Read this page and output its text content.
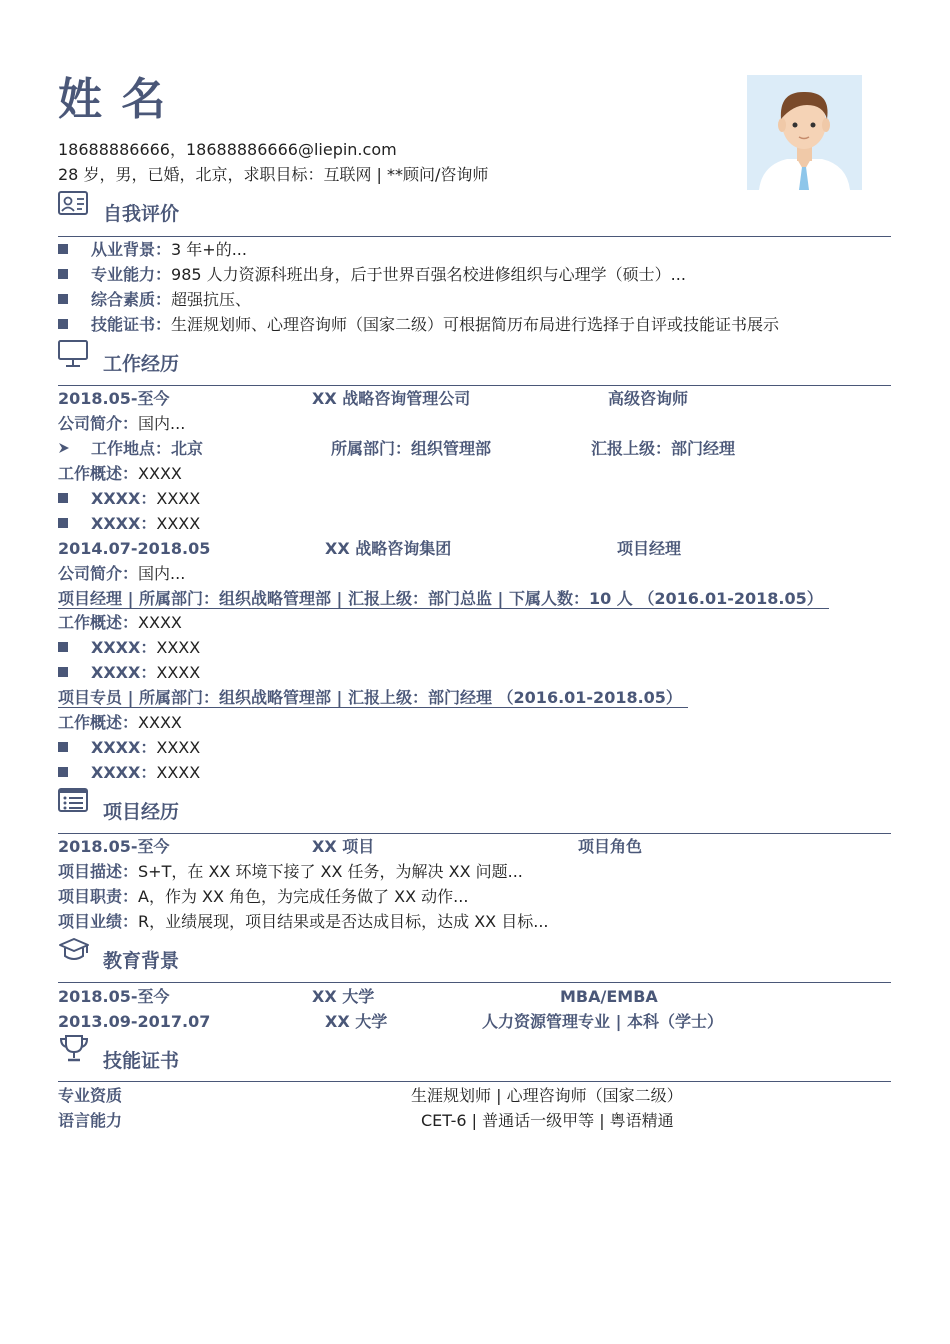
姓 名
18688886666，18688886666@liepin.com
28 岁，男，已婚，北京，求职目标：互联网 | **顾问/咨询师
自我评价
从业背景：3 年+的...
专业能力：985 人力资源科班出身，后于世界百强名校进修组织与心理学（硕士）...
综合素质：超强抗压、
技能证书：生涯规划师、心理咨询师（国家二级）可根据简历布局进行选择于自评或技能证书展示
工作经历
2018.05-至今	XX 战略咨询管理公司	高级咨询师
公司简介：国内...
工作地点：北京	所属部门：组织管理部	汇报上级：部门经理
工作概述：XXXX
XXXX：XXXX
XXXX：XXXX
2014.07-2018.05	XX 战略咨询集团	项目经理
公司简介：国内...
项目经理 | 所属部门：组织战略管理部 | 汇报上级：部门总监 | 下属人数：10 人 （2016.01-2018.05）
工作概述：XXXX
XXXX：XXXX
XXXX：XXXX
项目专员 | 所属部门：组织战略管理部 | 汇报上级：部门经理 （2016.01-2018.05）
工作概述：XXXX
XXXX：XXXX
XXXX：XXXX
项目经历
2018.05-至今	XX 项目	项目角色
项目描述：S+T，在 XX 环境下接了 XX 任务，为解决 XX 问题...
项目职责：A，作为 XX 角色，为完成任务做了 XX 动作...
项目业绩：R，业绩展现，项目结果或是否达成目标，达成 XX 目标...
教育背景
2018.05-至今	XX 大学	MBA/EMBA
2013.09-2017.07	XX 大学	人力资源管理专业 | 本科（学士）
技能证书
专业资质	生涯规划师 | 心理咨询师（国家二级）
语言能力	CET-6 | 普通话一级甲等 | 粤语精通
